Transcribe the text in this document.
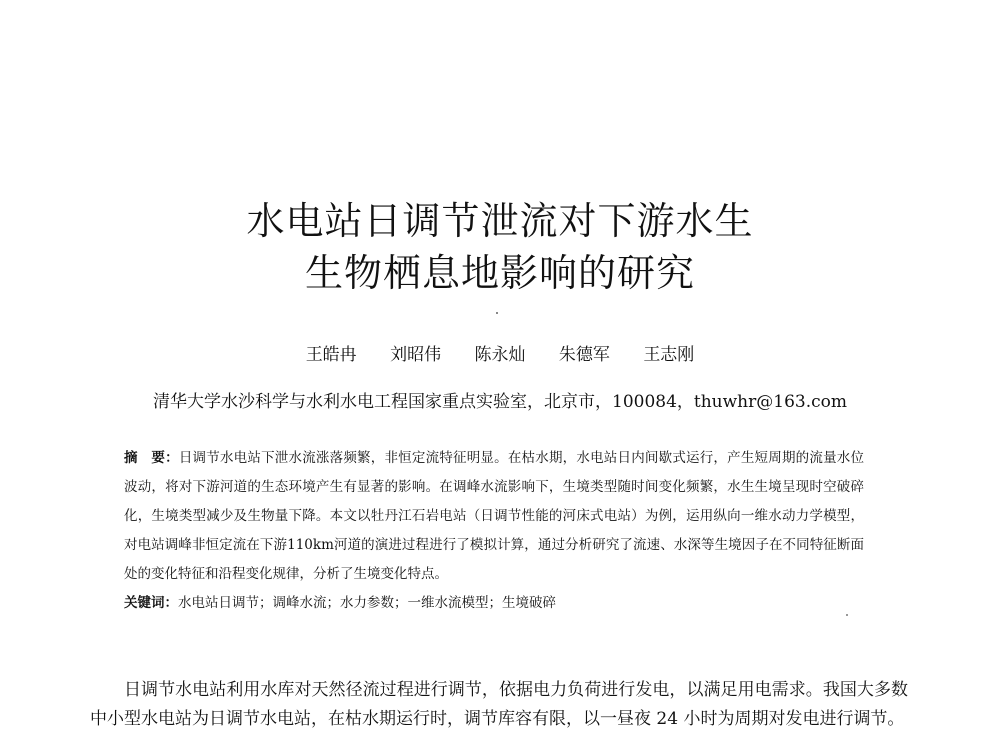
水电站日调节泄流对下游水生
生物栖息地影响的研究
王皓冉 刘昭伟 陈永灿 朱德军 王志刚
清华大学水沙科学与水利水电工程国家重点实验室，北京市，100084，thuwhr@163.com
摘　要：日调节水电站下泄水流涨落频繁，非恒定流特征明显。在枯水期，水电站日内间歇式运行，产生短周期的流量水位波动，将对下游河道的生态环境产生有显著的影响。在调峰水流影响下，生境类型随时间变化频繁，水生生境呈现时空破碎化，生境类型减少及生物量下降。本文以牡丹江石岩电站（日调节性能的河床式电站）为例，运用纵向一维水动力学模型，对电站调峰非恒定流在下游110km河道的演进过程进行了模拟计算，通过分析研究了流速、水深等生境因子在不同特征断面处的变化特征和沿程变化规律，分析了生境变化特点。
关键词：水电站日调节；调峰水流；水力参数；一维水流模型；生境破碎

日调节水电站利用水库对天然径流过程进行调节，依据电力负荷进行发电，以满足用电需求。我国大多数中小型水电站为日调节水电站，在枯水期运行时，调节库容有限，以一昼夜 24 小时为周期对发电进行调节。
